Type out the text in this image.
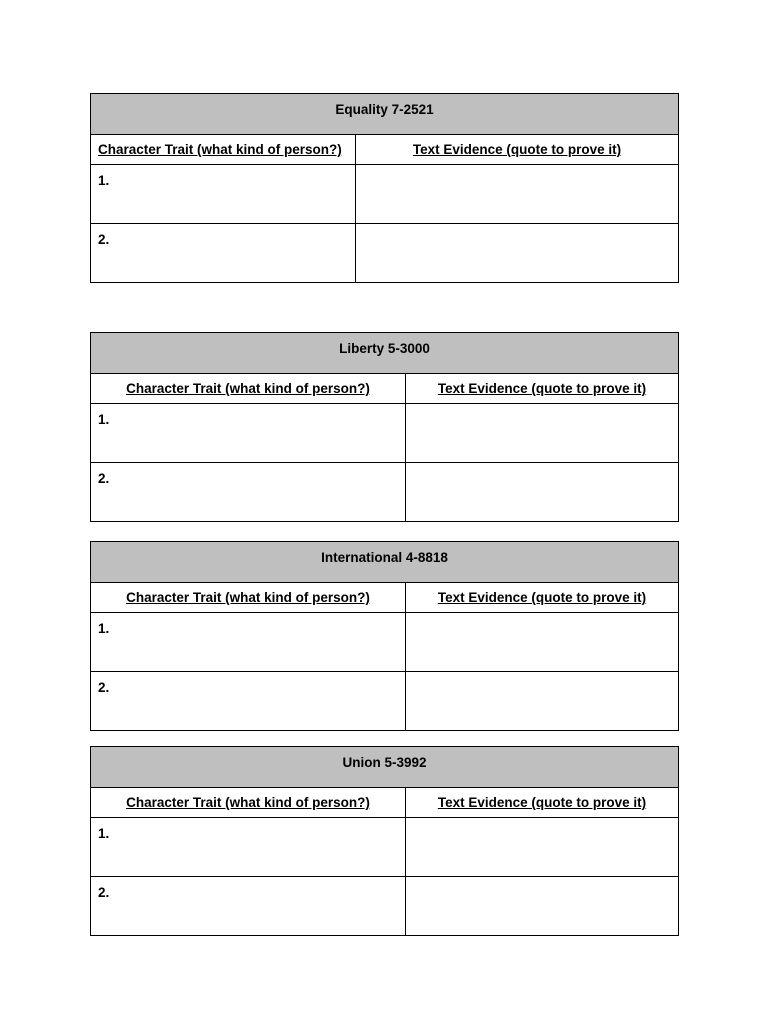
Equality 7-2521	
Character Trait (what kind of person?)	Text Evidence (quote to prove it)
1.	
2.	
Liberty 5-3000	
Character Trait (what kind of person?)	Text Evidence (quote to prove it)
1.	
2.	
International 4-8818	
Character Trait (what kind of person?)	Text Evidence (quote to prove it)
1.	
2.	
Union 5-3992	
Character Trait (what kind of person?)	Text Evidence (quote to prove it)
1.	
2.	
